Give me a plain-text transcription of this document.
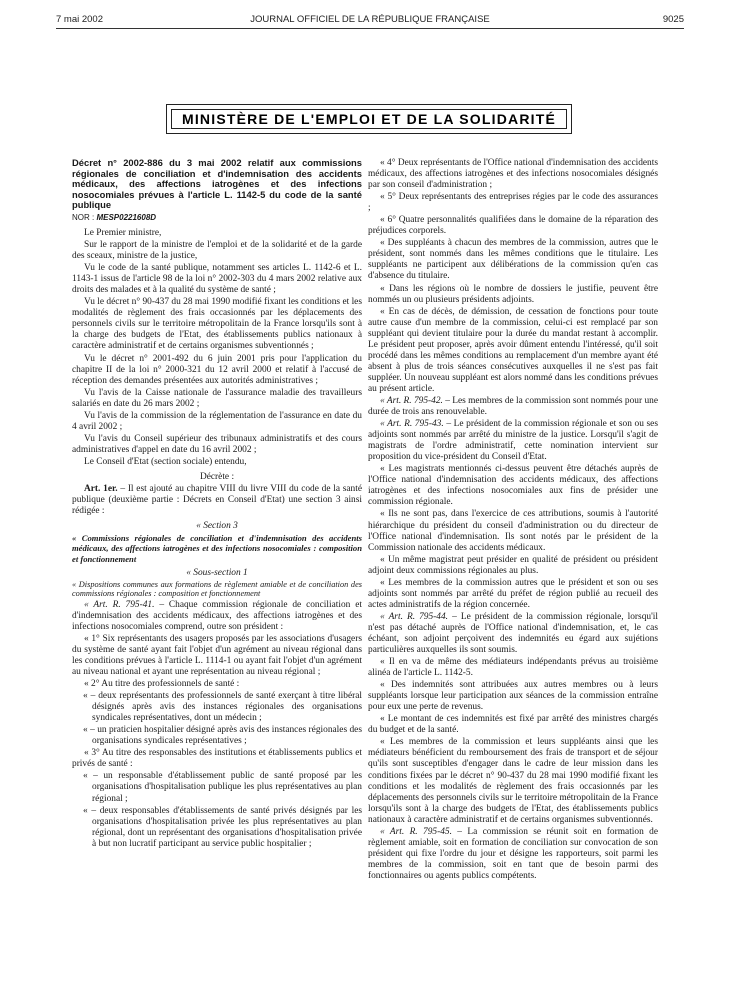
7 mai 2002	JOURNAL OFFICIEL DE LA RÉPUBLIQUE FRANÇAISE	9025
MINISTÈRE DE L'EMPLOI ET DE LA SOLIDARITÉ

Décret n° 2002-886 du 3 mai 2002 relatif aux commissions régionales de conciliation et d'indemnisation des accidents médicaux, des affections iatrogènes et des infections nosocomiales prévues à l'article L. 1142-5 du code de la santé publique

NOR : MESP0221608D

Le Premier ministre,

Sur le rapport de la ministre de l'emploi et de la solidarité et de la garde des sceaux, ministre de la justice,

Vu le code de la santé publique, notamment ses articles L. 1142-6 et L. 1143-1 issus de l'article 98 de la loi n° 2002-303 du 4 mars 2002 relative aux droits des malades et à la qualité du système de santé ;

Vu le décret n° 90-437 du 28 mai 1990 modifié fixant les conditions et les modalités de règlement des frais occasionnés par les déplacements des personnels civils sur le territoire métropolitain de la France lorsqu'ils sont à la charge des budgets de l'Etat, des établissements publics nationaux à caractère administratif et de certains organismes subventionnés ;

Vu le décret n° 2001-492 du 6 juin 2001 pris pour l'application du chapitre II de la loi n° 2000-321 du 12 avril 2000 et relatif à l'accusé de réception des demandes présentées aux autorités administratives ;

Vu l'avis de la Caisse nationale de l'assurance maladie des travailleurs salariés en date du 26 mars 2002 ;

Vu l'avis de la commission de la réglementation de l'assurance en date du 4 avril 2002 ;

Vu l'avis du Conseil supérieur des tribunaux administratifs et des cours administratives d'appel en date du 16 avril 2002 ;

Le Conseil d'Etat (section sociale) entendu,

Décrète :

Art. 1er. – Il est ajouté au chapitre VIII du livre VIII du code de la santé publique (deuxième partie : Décrets en Conseil d'Etat) une section 3 ainsi rédigée :

« Section 3

« Commissions régionales de conciliation et d'indemnisation des accidents médicaux, des affections iatrogènes et des infections nosocomiales : composition et fonctionnement

« Sous-section 1

« Dispositions communes aux formations de règlement amiable et de conciliation des commissions régionales : composition et fonctionnement

« Art. R. 795-41. – Chaque commission régionale de conciliation et d'indemnisation des accidents médicaux, des affections iatrogènes et des infections nosocomiales comprend, outre son président :

« 1° Six représentants des usagers proposés par les associations d'usagers du système de santé ayant fait l'objet d'un agrément au niveau régional dans les conditions prévues à l'article L. 1114-1 ou ayant fait l'objet d'un agrément au niveau national et ayant une représentation au niveau régional ;

« 2° Au titre des professionnels de santé :

« – deux représentants des professionnels de santé exerçant à titre libéral désignés après avis des instances régionales des organisations syndicales représentatives, dont un médecin ;

« – un praticien hospitalier désigné après avis des instances régionales des organisations syndicales représentatives ;

« 3° Au titre des responsables des institutions et établissements publics et privés de santé :

« – un responsable d'établissement public de santé proposé par les organisations d'hospitalisation publique les plus représentatives au plan régional ;

« – deux responsables d'établissements de santé privés désignés par les organisations d'hospitalisation privée les plus représentatives au plan régional, dont un représentant des organisations d'hospitalisation privée à but non lucratif participant au service public hospitalier ;

« 4° Deux représentants de l'Office national d'indemnisation des accidents médicaux, des affections iatrogènes et des infections nosocomiales désignés par son conseil d'administration ;

« 5° Deux représentants des entreprises régies par le code des assurances ;

« 6° Quatre personnalités qualifiées dans le domaine de la réparation des préjudices corporels.

« Des suppléants à chacun des membres de la commission, autres que le président, sont nommés dans les mêmes conditions que le titulaire. Les suppléants ne participent aux délibérations de la commission qu'en cas d'absence du titulaire.

« Dans les régions où le nombre de dossiers le justifie, peuvent être nommés un ou plusieurs présidents adjoints.

« En cas de décès, de démission, de cessation de fonctions pour toute autre cause d'un membre de la commission, celui-ci est remplacé par son suppléant qui devient titulaire pour la durée du mandat restant à accomplir. Le président peut proposer, après avoir dûment entendu l'intéressé, qu'il soit procédé dans les mêmes conditions au remplacement d'un membre ayant été absent à plus de trois séances consécutives auxquelles il ne s'est pas fait suppléer. Un nouveau suppléant est alors nommé dans les conditions prévues au présent article.

« Art. R. 795-42. – Les membres de la commission sont nommés pour une durée de trois ans renouvelable.

« Art. R. 795-43. – Le président de la commission régionale et son ou ses adjoints sont nommés par arrêté du ministre de la justice. Lorsqu'il s'agit de magistrats de l'ordre administratif, cette nomination intervient sur proposition du vice-président du Conseil d'Etat.

« Les magistrats mentionnés ci-dessus peuvent être détachés auprès de l'Office national d'indemnisation des accidents médicaux, des affections iatrogènes et des infections nosocomiales aux fins de présider une commission régionale.

« Ils ne sont pas, dans l'exercice de ces attributions, soumis à l'autorité hiérarchique du président du conseil d'administration ou du directeur de l'Office national d'indemnisation. Ils sont notés par le président de la Commission nationale des accidents médicaux.

« Un même magistrat peut présider en qualité de président ou président adjoint deux commissions régionales au plus.

« Les membres de la commission autres que le président et son ou ses adjoints sont nommés par arrêté du préfet de région publié au recueil des actes administratifs de la région concernée.

« Art. R. 795-44. – Le président de la commission régionale, lorsqu'il n'est pas détaché auprès de l'Office national d'indemnisation, et, le cas échéant, son adjoint perçoivent des indemnités eu égard aux sujétions particulières auxquelles ils sont soumis.

« Il en va de même des médiateurs indépendants prévus au troisième alinéa de l'article L. 1142-5.

« Des indemnités sont attribuées aux autres membres ou à leurs suppléants lorsque leur participation aux séances de la commission entraîne pour eux une perte de revenus.

« Le montant de ces indemnités est fixé par arrêté des ministres chargés du budget et de la santé.

« Les membres de la commission et leurs suppléants ainsi que les médiateurs bénéficient du remboursement des frais de transport et de séjour qu'ils sont susceptibles d'engager dans le cadre de leur mission dans les conditions fixées par le décret n° 90-437 du 28 mai 1990 modifié fixant les conditions et les modalités de règlement des frais occasionnés par les déplacements des personnels civils sur le territoire métropolitain de la France lorsqu'ils sont à la charge des budgets de l'Etat, des établissements publics nationaux à caractère administratif et de certains organismes subventionnés.

« Art. R. 795-45. – La commission se réunit soit en formation de règlement amiable, soit en formation de conciliation sur convocation de son président qui fixe l'ordre du jour et désigne les rapporteurs, soit parmi les membres de la commission, soit en tant que de besoin parmi des fonctionnaires ou agents publics compétents.
